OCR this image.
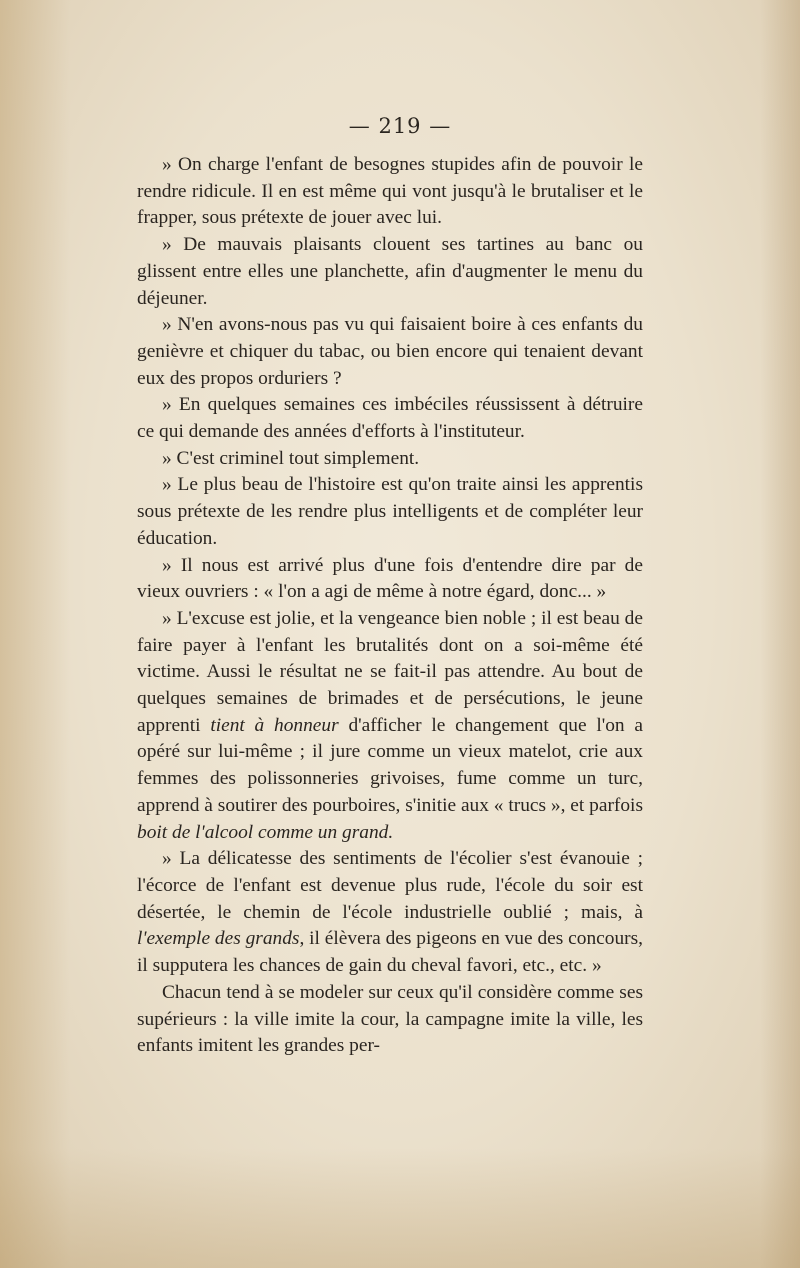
— 219 —

» On charge l'enfant de besognes stupides afin de pouvoir le rendre ridicule. Il en est même qui vont jusqu'à le brutaliser et le frapper, sous prétexte de jouer avec lui.

» De mauvais plaisants clouent ses tartines au banc ou glissent entre elles une planchette, afin d'augmenter le menu du déjeuner.

» N'en avons-nous pas vu qui faisaient boire à ces enfants du genièvre et chiquer du tabac, ou bien encore qui tenaient devant eux des propos orduriers ?

» En quelques semaines ces imbéciles réussissent à détruire ce qui demande des années d'efforts à l'instituteur.

» C'est criminel tout simplement.

» Le plus beau de l'histoire est qu'on traite ainsi les apprentis sous prétexte de les rendre plus intelligents et de compléter leur éducation.

» Il nous est arrivé plus d'une fois d'entendre dire par de vieux ouvriers : « l'on a agi de même à notre égard, donc... »

» L'excuse est jolie, et la vengeance bien noble ; il est beau de faire payer à l'enfant les brutalités dont on a soi-même été victime. Aussi le résultat ne se fait-il pas attendre. Au bout de quelques semaines de brimades et de persécutions, le jeune apprenti tient à honneur d'afficher le changement que l'on a opéré sur lui-même ; il jure comme un vieux matelot, crie aux femmes des polissonneries grivoises, fume comme un turc, apprend à soutirer des pourboires, s'initie aux « trucs », et parfois boit de l'alcool comme un grand.

» La délicatesse des sentiments de l'écolier s'est évanouie ; l'écorce de l'enfant est devenue plus rude, l'école du soir est désertée, le chemin de l'école industrielle oublié ; mais, à l'exemple des grands, il élèvera des pigeons en vue des concours, il supputera les chances de gain du cheval favori, etc., etc. »

Chacun tend à se modeler sur ceux qu'il considère comme ses supérieurs : la ville imite la cour, la campagne imite la ville, les enfants imitent les grandes per-
